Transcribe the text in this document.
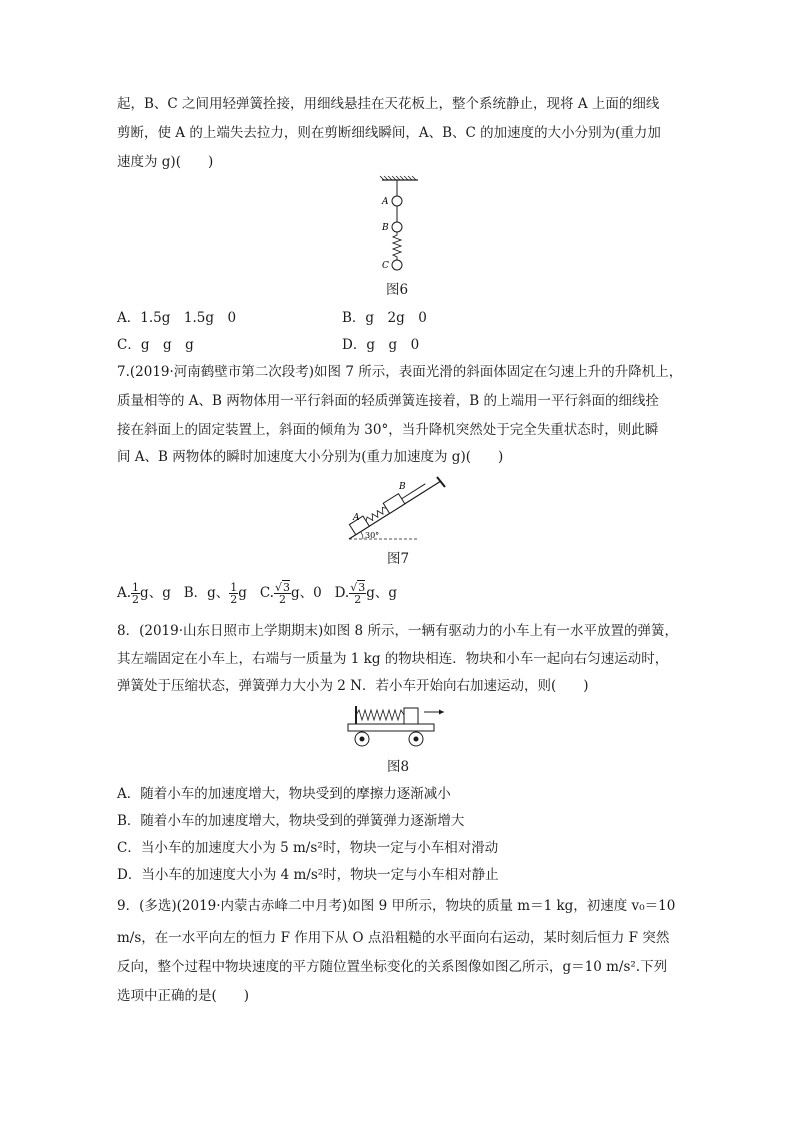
起，B、C 之间用轻弹簧拴接，用细线悬挂在天花板上，整个系统静止，现将 A 上面的细线
剪断，使 A 的上端失去拉力，则在剪断细线瞬间，A、B、C 的加速度的大小分别为(重力加
速度为 g)(　　)
A
B
C
图6
A．1.5g　1.5g　0	B．g　2g　0
C．g　g　g	D．g　g　0
7.(2019·河南鹤壁市第二次段考)如图 7 所示，表面光滑的斜面体固定在匀速上升的升降机上，
质量相等的 A、B 两物体用一平行斜面的轻质弹簧连接着，B 的上端用一平行斜面的细线拴
接在斜面上的固定装置上，斜面的倾角为 30°，当升降机突然处于完全失重状态时，则此瞬
间 A、B 两物体的瞬时加速度大小分别为(重力加速度为 g)(　　)
A
B
30°
图7
A. $\frac{1}{2}$ g、g B．g、 $\frac{1}{2}$ g C. $\frac{√3}{2}$ g、0 D. $\frac{√3}{2}$ g、g
8．(2019·山东日照市上学期期末)如图 8 所示，一辆有驱动力的小车上有一水平放置的弹簧，
其左端固定在小车上，右端与一质量为 1 kg 的物块相连．物块和小车一起向右匀速运动时，
弹簧处于压缩状态，弹簧弹力大小为 2 N．若小车开始向右加速运动，则(　　)
图8
A．随着小车的加速度增大，物块受到的摩擦力逐渐减小
B．随着小车的加速度增大，物块受到的弹簧弹力逐渐增大
C．当小车的加速度大小为 5 m/s²时，物块一定与小车相对滑动
D．当小车的加速度大小为 4 m/s²时，物块一定与小车相对静止
9．(多选)(2019·内蒙古赤峰二中月考)如图 9 甲所示，物块的质量 m＝1 kg，初速度 v₀＝10
m/s，在一水平向左的恒力 F 作用下从 O 点沿粗糙的水平面向右运动，某时刻后恒力 F 突然
反向，整个过程中物块速度的平方随位置坐标变化的关系图像如图乙所示，g＝10 m/s².下列
选项中正确的是(　　)
